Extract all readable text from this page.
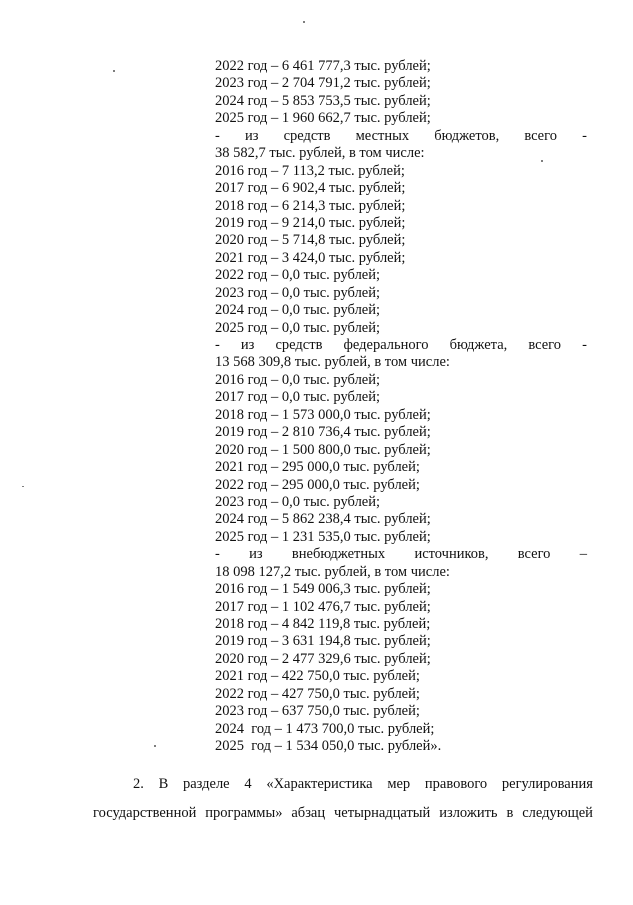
2022 год – 6 461 777,3 тыс. рублей;
2023 год – 2 704 791,2 тыс. рублей;
2024 год – 5 853 753,5 тыс. рублей;
2025 год – 1 960 662,7 тыс. рублей;
- из средств местных бюджетов, всего -
38 582,7 тыс. рублей, в том числе:
2016 год – 7 113,2 тыс. рублей;
2017 год – 6 902,4 тыс. рублей;
2018 год – 6 214,3 тыс. рублей;
2019 год – 9 214,0 тыс. рублей;
2020 год – 5 714,8 тыс. рублей;
2021 год – 3 424,0 тыс. рублей;
2022 год – 0,0 тыс. рублей;
2023 год – 0,0 тыс. рублей;
2024 год – 0,0 тыс. рублей;
2025 год – 0,0 тыс. рублей;
- из средств федерального бюджета, всего -
13 568 309,8 тыс. рублей, в том числе:
2016 год – 0,0 тыс. рублей;
2017 год – 0,0 тыс. рублей;
2018 год – 1 573 000,0 тыс. рублей;
2019 год – 2 810 736,4 тыс. рублей;
2020 год – 1 500 800,0 тыс. рублей;
2021 год – 295 000,0 тыс. рублей;
2022 год – 295 000,0 тыс. рублей;
2023 год – 0,0 тыс. рублей;
2024 год – 5 862 238,4 тыс. рублей;
2025 год – 1 231 535,0 тыс. рублей;
- из внебюджетных источников, всего –
18 098 127,2 тыс. рублей, в том числе:
2016 год – 1 549 006,3 тыс. рублей;
2017 год – 1 102 476,7 тыс. рублей;
2018 год – 4 842 119,8 тыс. рублей;
2019 год – 3 631 194,8 тыс. рублей;
2020 год – 2 477 329,6 тыс. рублей;
2021 год – 422 750,0 тыс. рублей;
2022 год – 427 750,0 тыс. рублей;
2023 год – 637 750,0 тыс. рублей;
2024  год – 1 473 700,0 тыс. рублей;
2025  год – 1 534 050,0 тыс. рублей».
2. В разделе 4 «Характеристика мер правового регулирования
государственной программы» абзац четырнадцатый изложить в следующей
